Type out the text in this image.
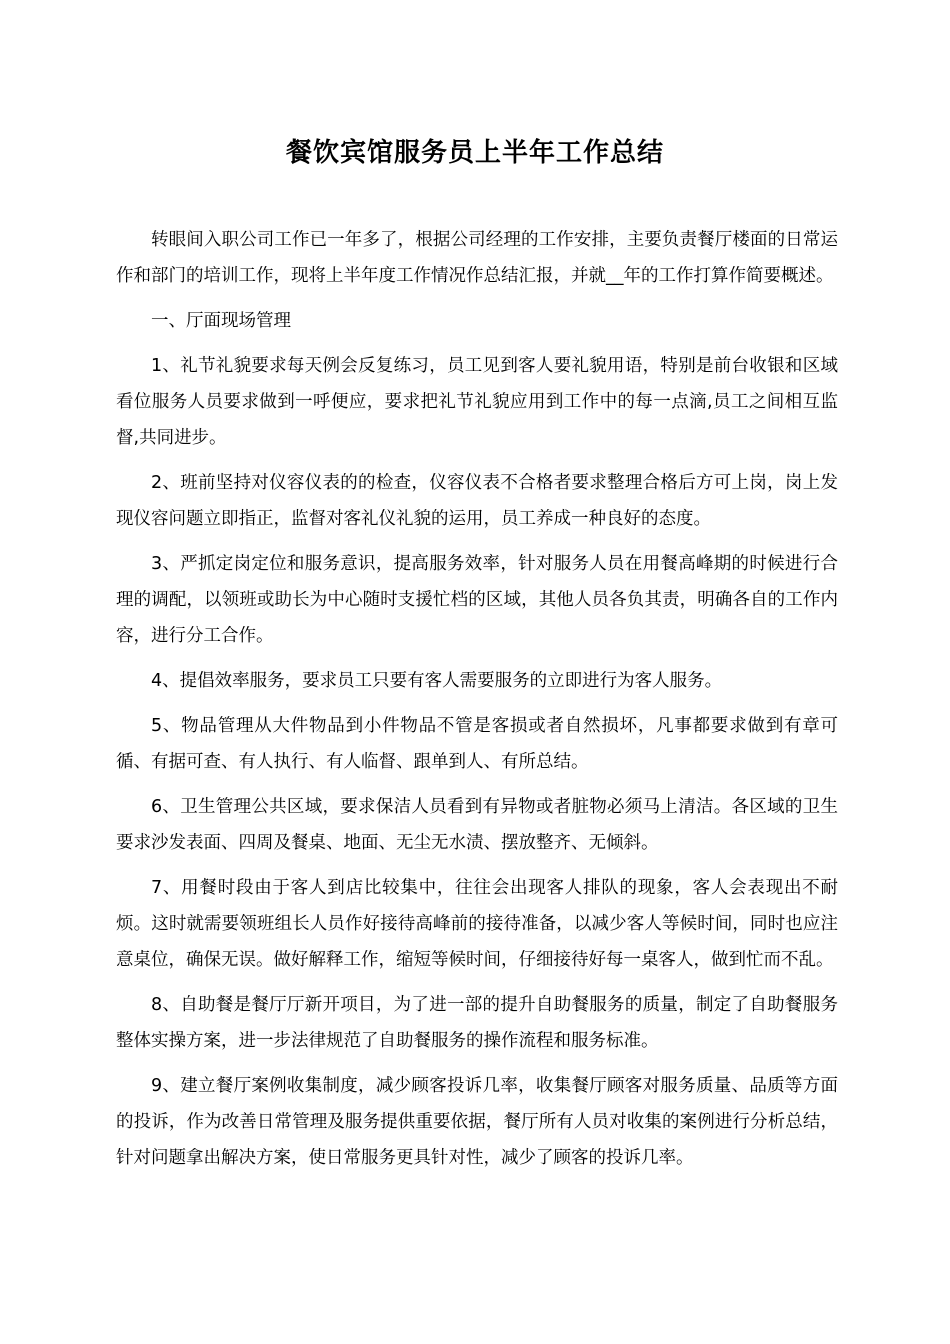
餐饮宾馆服务员上半年工作总结

转眼间入职公司工作已一年多了，根据公司经理的工作安排，主要负责餐厅楼面的日常运作和部门的培训工作，现将上半年度工作情况作总结汇报，并就__年的工作打算作简要概述。

一、厅面现场管理

1、礼节礼貌要求每天例会反复练习，员工见到客人要礼貌用语，特别是前台收银和区域看位服务人员要求做到一呼便应，要求把礼节礼貌应用到工作中的每一点滴,员工之间相互监督,共同进步。

2、班前坚持对仪容仪表的的检查，仪容仪表不合格者要求整理合格后方可上岗，岗上发现仪容问题立即指正，监督对客礼仪礼貌的运用，员工养成一种良好的态度。

3、严抓定岗定位和服务意识，提高服务效率，针对服务人员在用餐高峰期的时候进行合理的调配，以领班或助长为中心随时支援忙档的区域，其他人员各负其责，明确各自的工作内容，进行分工合作。

4、提倡效率服务，要求员工只要有客人需要服务的立即进行为客人服务。

5、物品管理从大件物品到小件物品不管是客损或者自然损坏，凡事都要求做到有章可循、有据可查、有人执行、有人临督、跟单到人、有所总结。

6、卫生管理公共区域，要求保洁人员看到有异物或者脏物必须马上清洁。各区域的卫生要求沙发表面、四周及餐桌、地面、无尘无水渍、摆放整齐、无倾斜。

7、用餐时段由于客人到店比较集中，往往会出现客人排队的现象，客人会表现出不耐烦。这时就需要领班组长人员作好接待高峰前的接待准备，以减少客人等候时间，同时也应注意桌位，确保无误。做好解释工作，缩短等候时间，仔细接待好每一桌客人，做到忙而不乱。

8、自助餐是餐厅厅新开项目，为了进一部的提升自助餐服务的质量，制定了自助餐服务整体实操方案，进一步法律规范了自助餐服务的操作流程和服务标准。

9、建立餐厅案例收集制度，减少顾客投诉几率，收集餐厅顾客对服务质量、品质等方面的投诉，作为改善日常管理及服务提供重要依据，餐厅所有人员对收集的案例进行分析总结，针对问题拿出解决方案，使日常服务更具针对性，减少了顾客的投诉几率。
